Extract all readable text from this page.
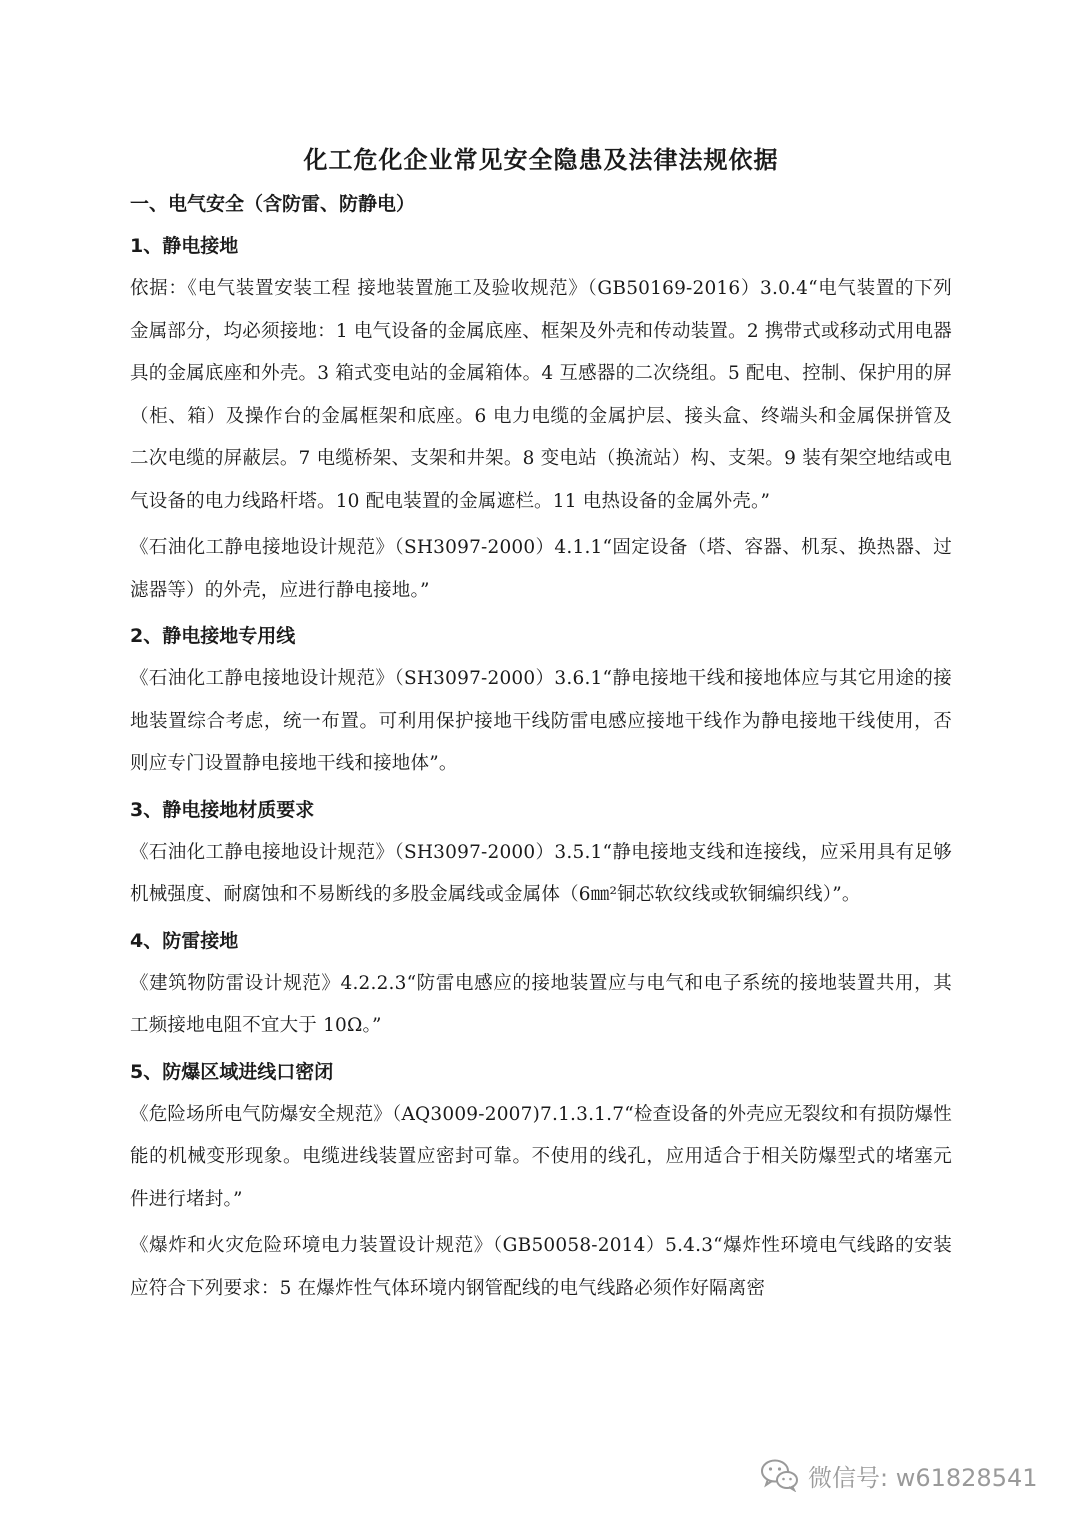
化工危化企业常见安全隐患及法律法规依据
一、电气安全（含防雷、防静电）
1、静电接地

依据：《电气装置安装工程 接地装置施工及验收规范》（GB50169-2016）3.0.4“电气装置的下列金属部分，均必须接地：1 电气设备的金属底座、框架及外壳和传动装置。2 携带式或移动式用电器具的金属底座和外壳。3 箱式变电站的金属箱体。4 互感器的二次绕组。5 配电、控制、保护用的屏（柜、箱）及操作台的金属框架和底座。6 电力电缆的金属护层、接头盒、终端头和金属保拼管及二次电缆的屏蔽层。7 电缆桥架、支架和井架。8 变电站（换流站）构、支架。9 装有架空地结或电气设备的电力线路杆塔。10 配电装置的金属遮栏。11 电热设备的金属外壳。”

《石油化工静电接地设计规范》（SH3097-2000）4.1.1“固定设备（塔、容器、机泵、换热器、过滤器等）的外壳，应进行静电接地。”

2、静电接地专用线

《石油化工静电接地设计规范》（SH3097-2000）3.6.1“静电接地干线和接地体应与其它用途的接地装置综合考虑，统一布置。可利用保护接地干线防雷电感应接地干线作为静电接地干线使用，否则应专门设置静电接地干线和接地体”。

3、静电接地材质要求

《石油化工静电接地设计规范》（SH3097-2000）3.5.1“静电接地支线和连接线，应采用具有足够机械强度、耐腐蚀和不易断线的多股金属线或金属体（6㎜²铜芯软纹线或软铜编织线）”。

4、防雷接地

《建筑物防雷设计规范》4.2.2.3“防雷电感应的接地装置应与电气和电子系统的接地装置共用，其工频接地电阻不宜大于 10Ω。”

5、防爆区域进线口密闭

《危险场所电气防爆安全规范》（AQ3009-2007)7.1.3.1.7“检查设备的外壳应无裂纹和有损防爆性能的机械变形现象。电缆进线装置应密封可靠。不使用的线孔，应用适合于相关防爆型式的堵塞元件进行堵封。”

《爆炸和火灾危险环境电力装置设计规范》（GB50058-2014）5.4.3“爆炸性环境电气线路的安装应符合下列要求：5 在爆炸性气体环境内钢管配线的电气线路必须作好隔离密

微信号: w61828541
